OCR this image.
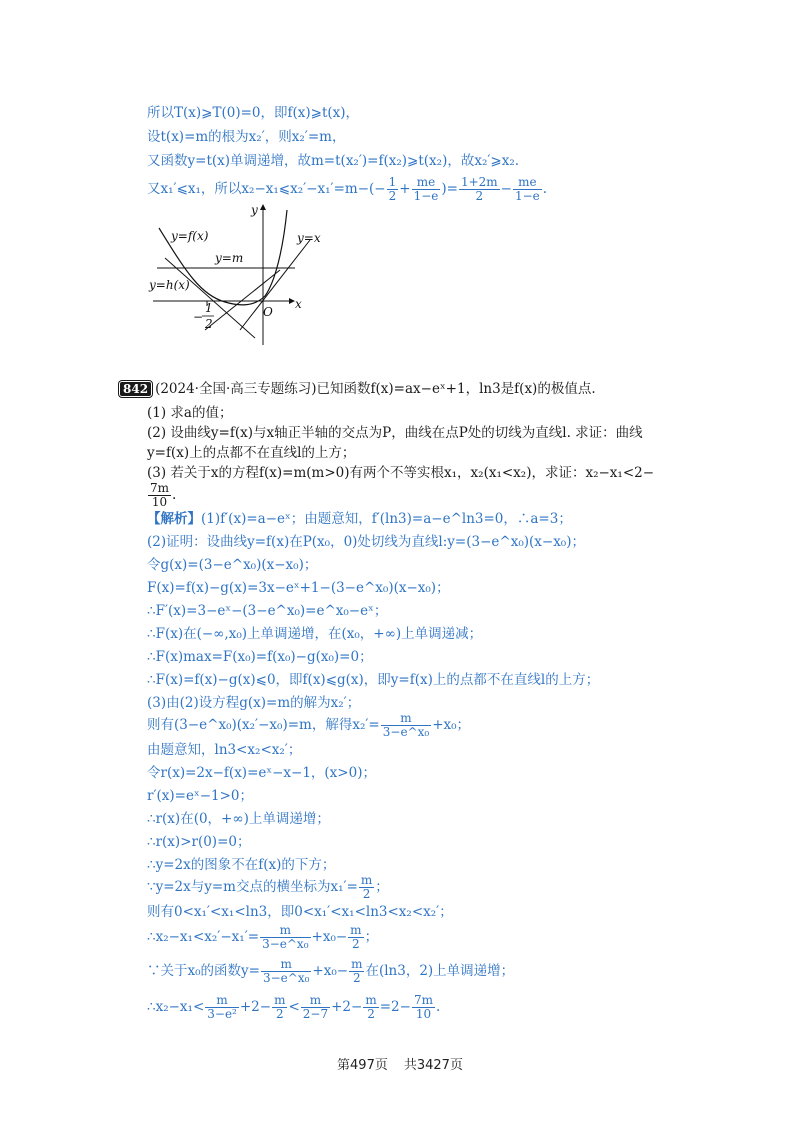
所以T(x)⩾T(0)=0，即f(x)⩾t(x)，
设t(x)=m的根为x₂′，则x₂′=m，
又函数y=t(x)单调递增，故m=t(x₂′)=f(x₂)⩾t(x₂)，故x₂′⩾x₂.
又x₁′⩽x₁，所以x₂−x₁⩽x₂′−x₁′=m−(− $\frac{1}{2} + \frac{me}{1-e}$ )= $\frac{1+2m}{2} - \frac{me}{1-e}$ .
y
x
O
y=f(x)	y=x
y=m
y=h(x)
−
1
2
842 (2024·全国·高三专题练习)已知函数f(x)=ax−eˣ+1，ln3是f(x)的极值点.
(1) 求a的值；
(2) 设曲线y=f(x)与x轴正半轴的交点为P，曲线在点P处的切线为直线l. 求证：曲线
y=f(x)上的点都不在直线l的上方；
(3) 若关于x的方程f(x)=m(m>0)有两个不等实根x₁，x₂(x₁<x₂)，求证：x₂−x₁<2−
$\frac{7m}{10}$ .
【解析】(1)f′(x)=a−eˣ；由题意知，f′(ln3)=a−e^ln3=0，∴a=3；
(2)证明：设曲线y=f(x)在P(x₀，0)处切线为直线l:y=(3−e^x₀)(x−x₀)；
令g(x)=(3−e^x₀)(x−x₀)；
F(x)=f(x)−g(x)=3x−eˣ+1−(3−e^x₀)(x−x₀)；
∴F′(x)=3−eˣ−(3−e^x₀)=e^x₀−eˣ；
∴F(x)在(−∞,x₀)上单调递增，在(x₀，+∞)上单调递减；
∴F(x)max=F(x₀)=f(x₀)−g(x₀)=0；
∴F(x)=f(x)−g(x)⩽0，即f(x)⩽g(x)，即y=f(x)上的点都不在直线l的上方；
(3)由(2)设方程g(x)=m的解为x₂′；
则有(3−e^x₀)(x₂′−x₀)=m，解得$x_2'= \frac{m}{\text{3−e\textasciicircum{}x₀}} +x_0$；
由题意知，ln3<x₂<x₂′；
令r(x)=2x−f(x)=eˣ−x−1，(x>0)；
r′(x)=eˣ−1>0；
∴r(x)在(0，+∞)上单调递增；
∴r(x)>r(0)=0；
∴y=2x的图象不在f(x)的下方；
∵y=2x与y=m交点的横坐标为$x_1'= \frac{m}{2}$ ；
则有0<x₁′<x₁<ln3，即0<x₁′<x₁<ln3<x₂<x₂′；
∴x₂−x₁<x₂′−x₁′= $\frac{m}{\text{3−e\textasciicircum{}x₀}} +x_0- \frac{m}{2}$ ；
∵关于x₀的函数$y= \frac{m}{\text{3−e\textasciicircum{}x₀}} +x_0- \frac{m}{2}$ 在(ln3，2)上单调递增；
∴x₂−x₁< $\frac{m}{\text{3−e²}} +2- \frac{m}{2} < \frac{m}{2-7} +2- \frac{m}{2} =2- \frac{7m}{10}$ .
第497页 共3427页
